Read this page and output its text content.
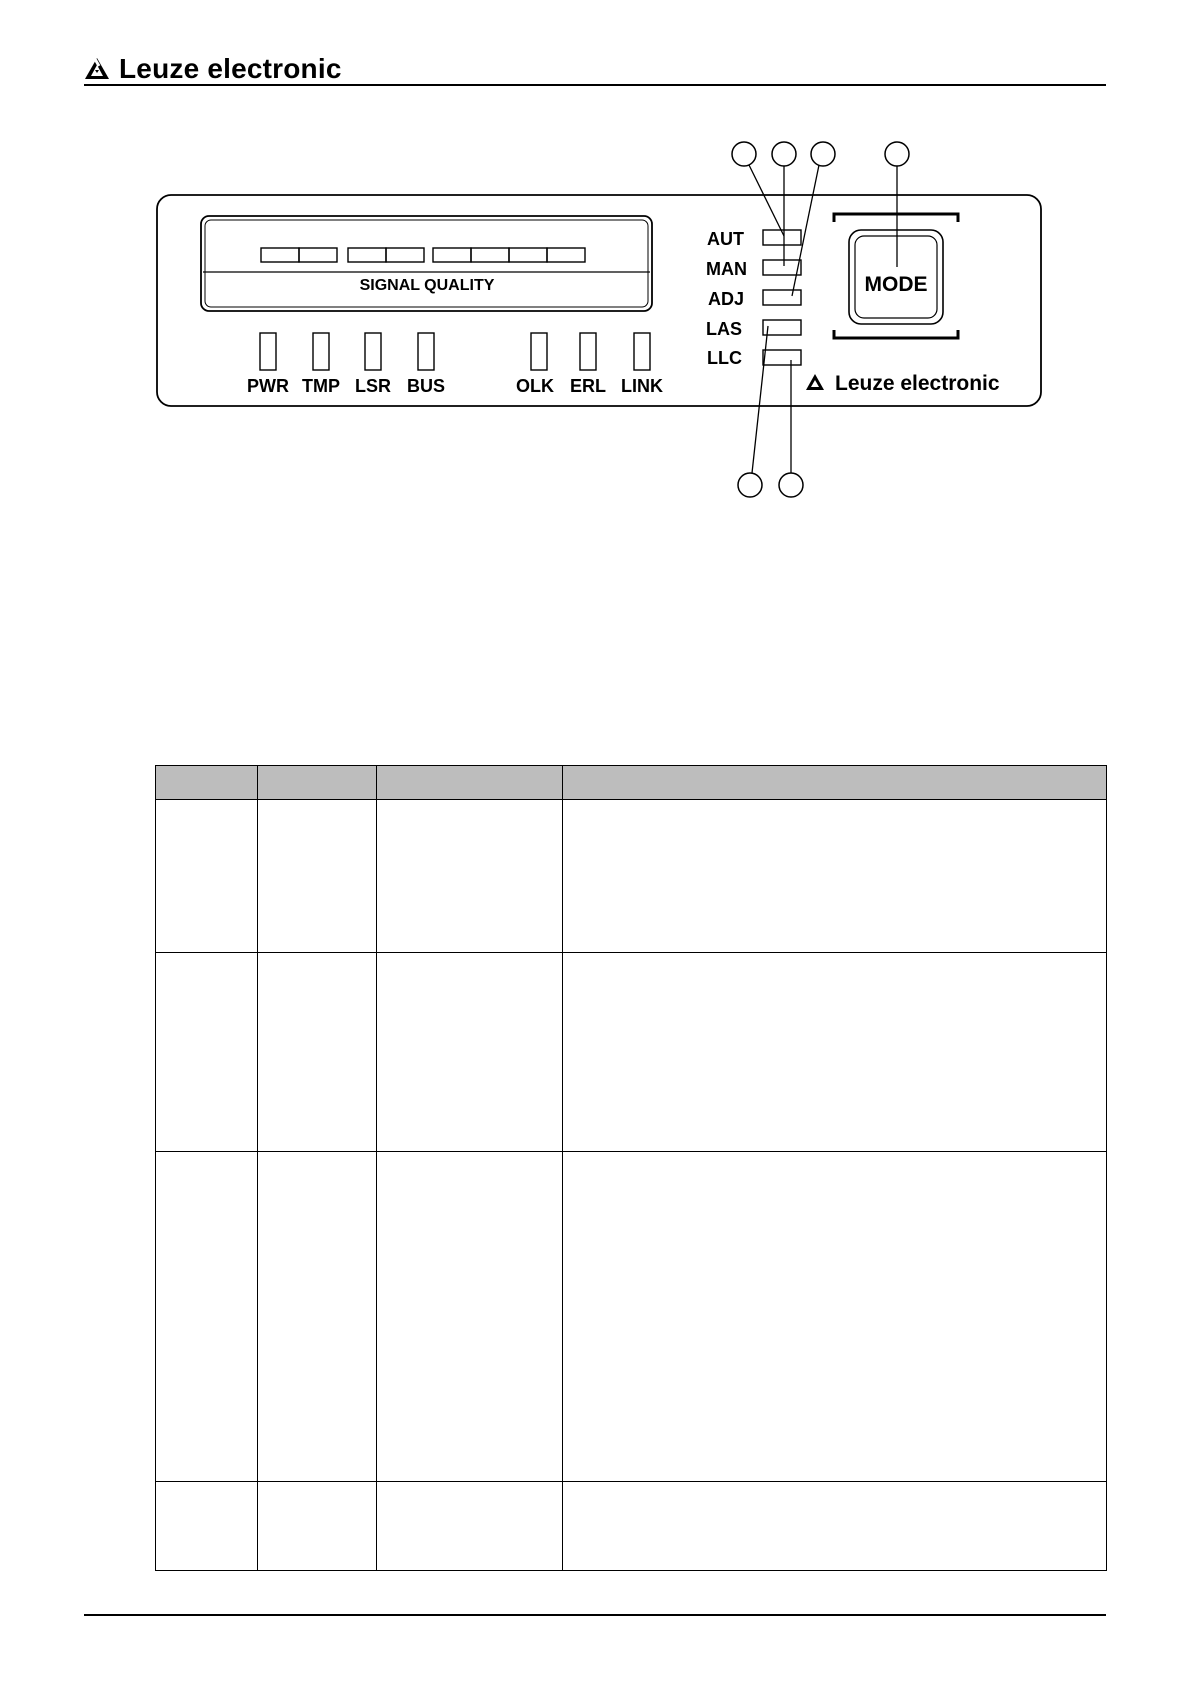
Leuze electronic
SIGNAL QUALITY
PWR TMP LSR BUS	OLK ERL LINK
AUT
MAN
ADJ
LAS
LLC
MODE
Leuze electronic
